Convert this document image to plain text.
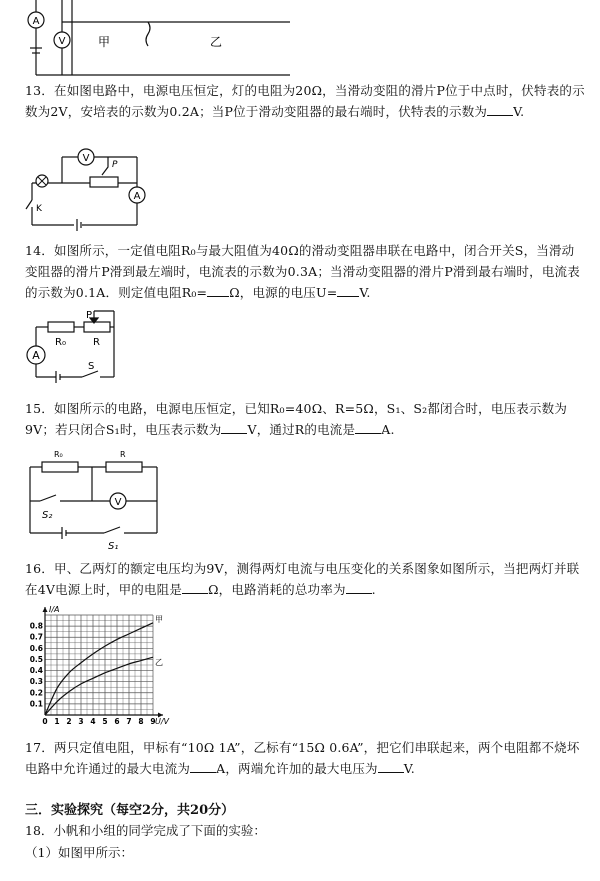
A
V	甲	乙
13．在如图电路中，电源电压恒定，灯的电阻为20Ω，当滑动变阻的滑片P位于中点时，伏特表的示数为2V，安培表的示数为0.2A；当P位于滑动变阻器的最右端时，伏特表的示数为 V.
V
A
P
K
14．如图所示，一定值电阻R₀与最大阻值为40Ω的滑动变阻器串联在电路中，闭合开关S，当滑动变阻器的滑片P滑到最左端时，电流表的示数为0.3A；当滑动变阻器的滑片P滑到最右端时，电流表的示数为0.1A．则定值电阻R₀= Ω，电源的电压U= V.
P
R₀	R
A
S
15．如图所示的电路，电源电压恒定，已知R₀=40Ω、R=5Ω，S₁、S₂都闭合时，电压表示数为9V；若只闭合S₁时，电压表示数为 V，通过R的电流是 A.
R₀	R
V
S₂
S₁
16．甲、乙两灯的额定电压均为9V，测得两灯电流与电压变化的关系图象如图所示，当把两灯并联在4V电源上时，甲的电阻是 Ω，电路消耗的总功率为 .
0 1 2 3 4 5 6 7 8 9
0.1
0.2
0.3
0.4
0.5
0.6
0.7
0.8
甲
乙
I/A
U/V
17．两只定值电阻，甲标有“10Ω 1A”，乙标有“15Ω 0.6A”，把它们串联起来，两个电阻都不烧坏电路中允许通过的最大电流为 A，两端允许加的最大电压为 V.
三．实验探究（每空2分，共20分）
18．小帆和小组的同学完成了下面的实验：
（1）如图甲所示：
